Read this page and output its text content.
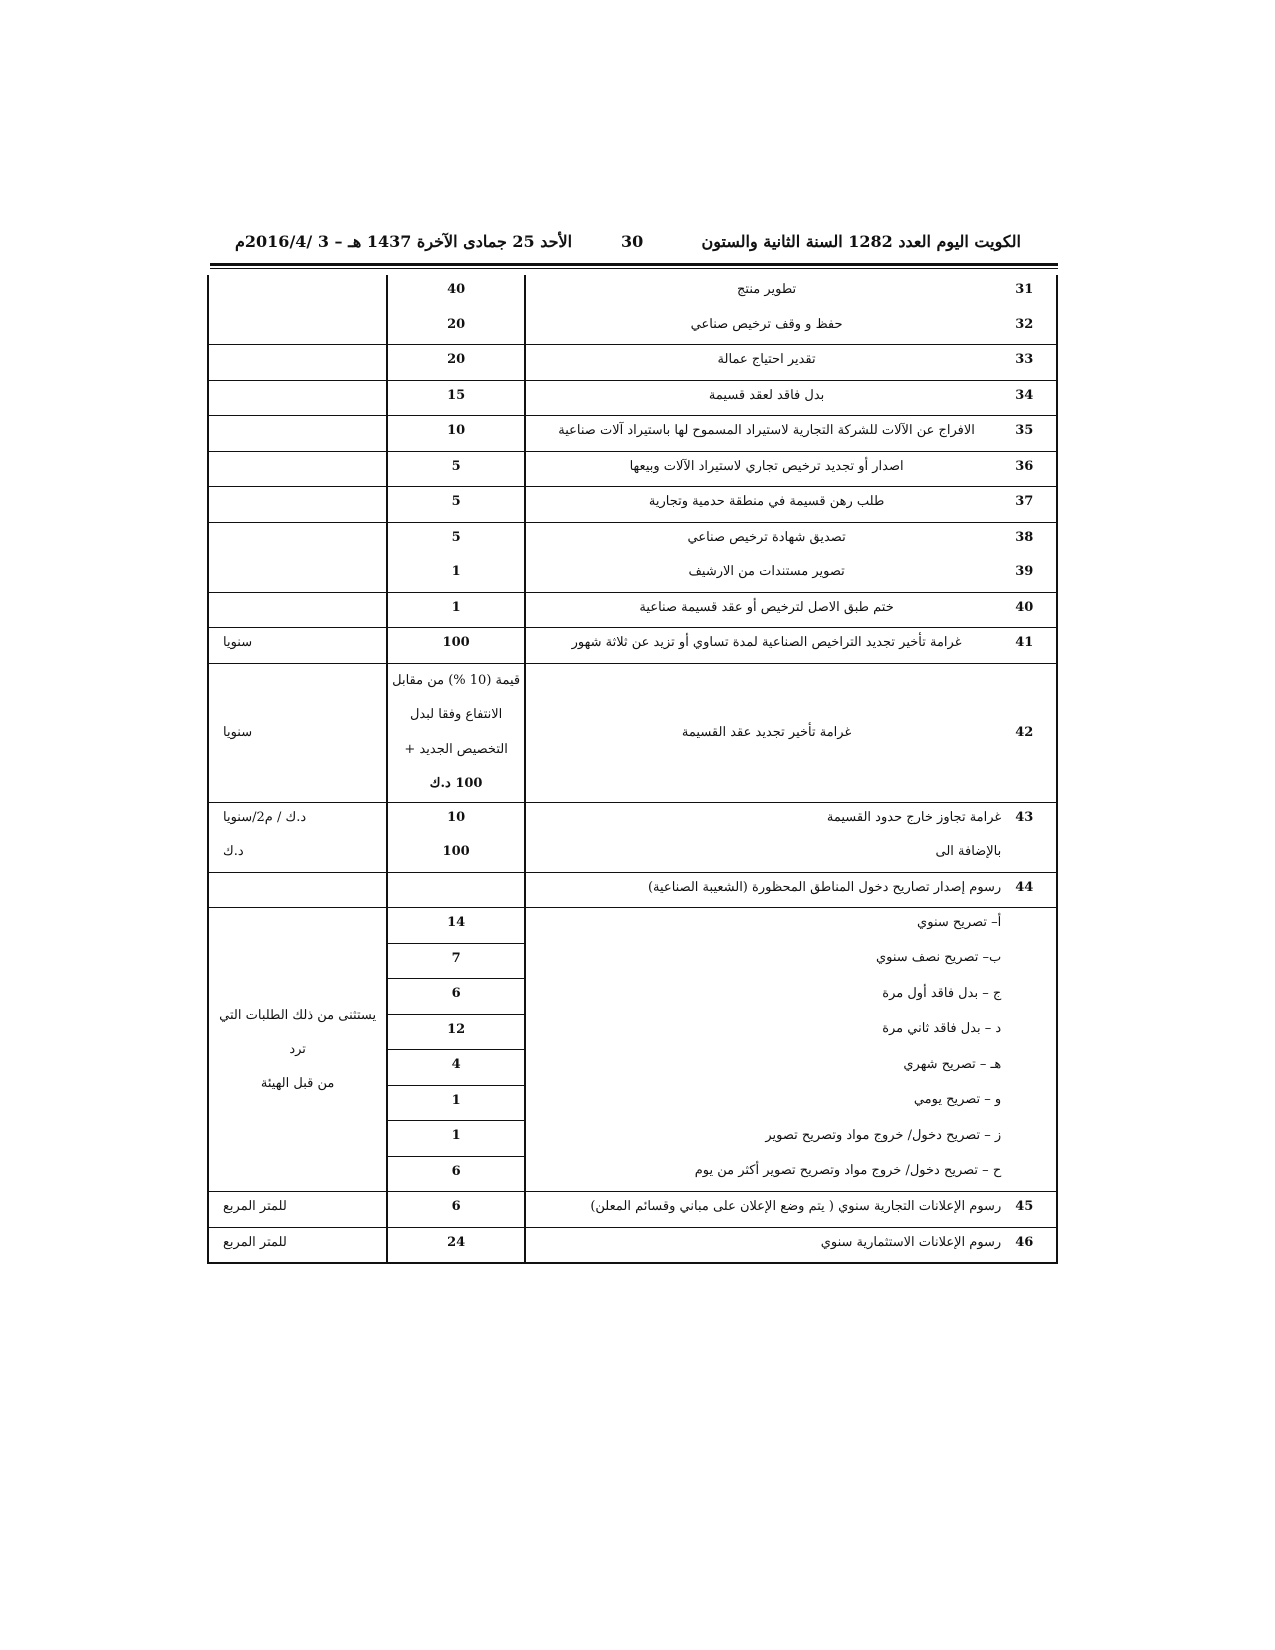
الأحد 25 جمادى الآخرة 1437 هـ – 3 /2016/4م	30	الكويت اليوم العدد 1282 السنة الثانية والستون
31	تطوير منتج	40	

32	حفظ و وقف ترخيص صناعي	20	

33	تقدير احتياج عمالة	20	

34	بدل فاقد لعقد قسيمة	15	

35	الافراج عن الآلات للشركة التجارية لاستيراد المسموح لها باستيراد آلات صناعية	10	

36	اصدار أو تجديد ترخيص تجاري لاستيراد الآلات وبيعها	5	

37	طلب رهن قسيمة في منطقة حدمية وتجارية	5	

38	تصديق شهادة ترخيص صناعي	5	

39	تصوير مستندات من الارشيف	1	

40	ختم طبق الاصل لترخيص أو عقد قسيمة صناعية	1	

41	غرامة تأخير تجديد التراخيص الصناعية لمدة تساوي أو تزيد عن ثلاثة شهور	100	سنويا

42	غرامة تأخير تجديد عقد القسيمة	قيمة (10 %) من مقابل
الانتفاع وفقا لبدل
التخصيص الجديد +
100 د.ك	سنويا

43	غرامة تجاوز خارج حدود القسيمة	10	د.ك / م2/سنويا

	بالإضافة الى	100	د.ك

44	رسوم إصدار تصاريح دخول المناطق المحظورة (الشعيبة الصناعية)		

	أ– تصريح سنوي	14	يستثنى من ذلك الطلبات التي ترد
من قبل الهيئة

	ب– تصريح نصف سنوي	7	

	ج – بدل فاقد أول مرة	6	

	د – بدل فاقد ثاني مرة	12	

	هـ – تصريح شهري	4	

	و – تصريح يومي	1	

	ز – تصريح دخول/ خروج مواد وتصريح تصوير	1	

	ح – تصريح دخول/ خروج مواد وتصريح تصوير أكثر من يوم	6	

45	رسوم الإعلانات التجارية سنوي ( يتم وضع الإعلان على مباني وقسائم المعلن)	6	للمتر المربع

46	رسوم الإعلانات الاستثمارية سنوي	24	للمتر المربع
